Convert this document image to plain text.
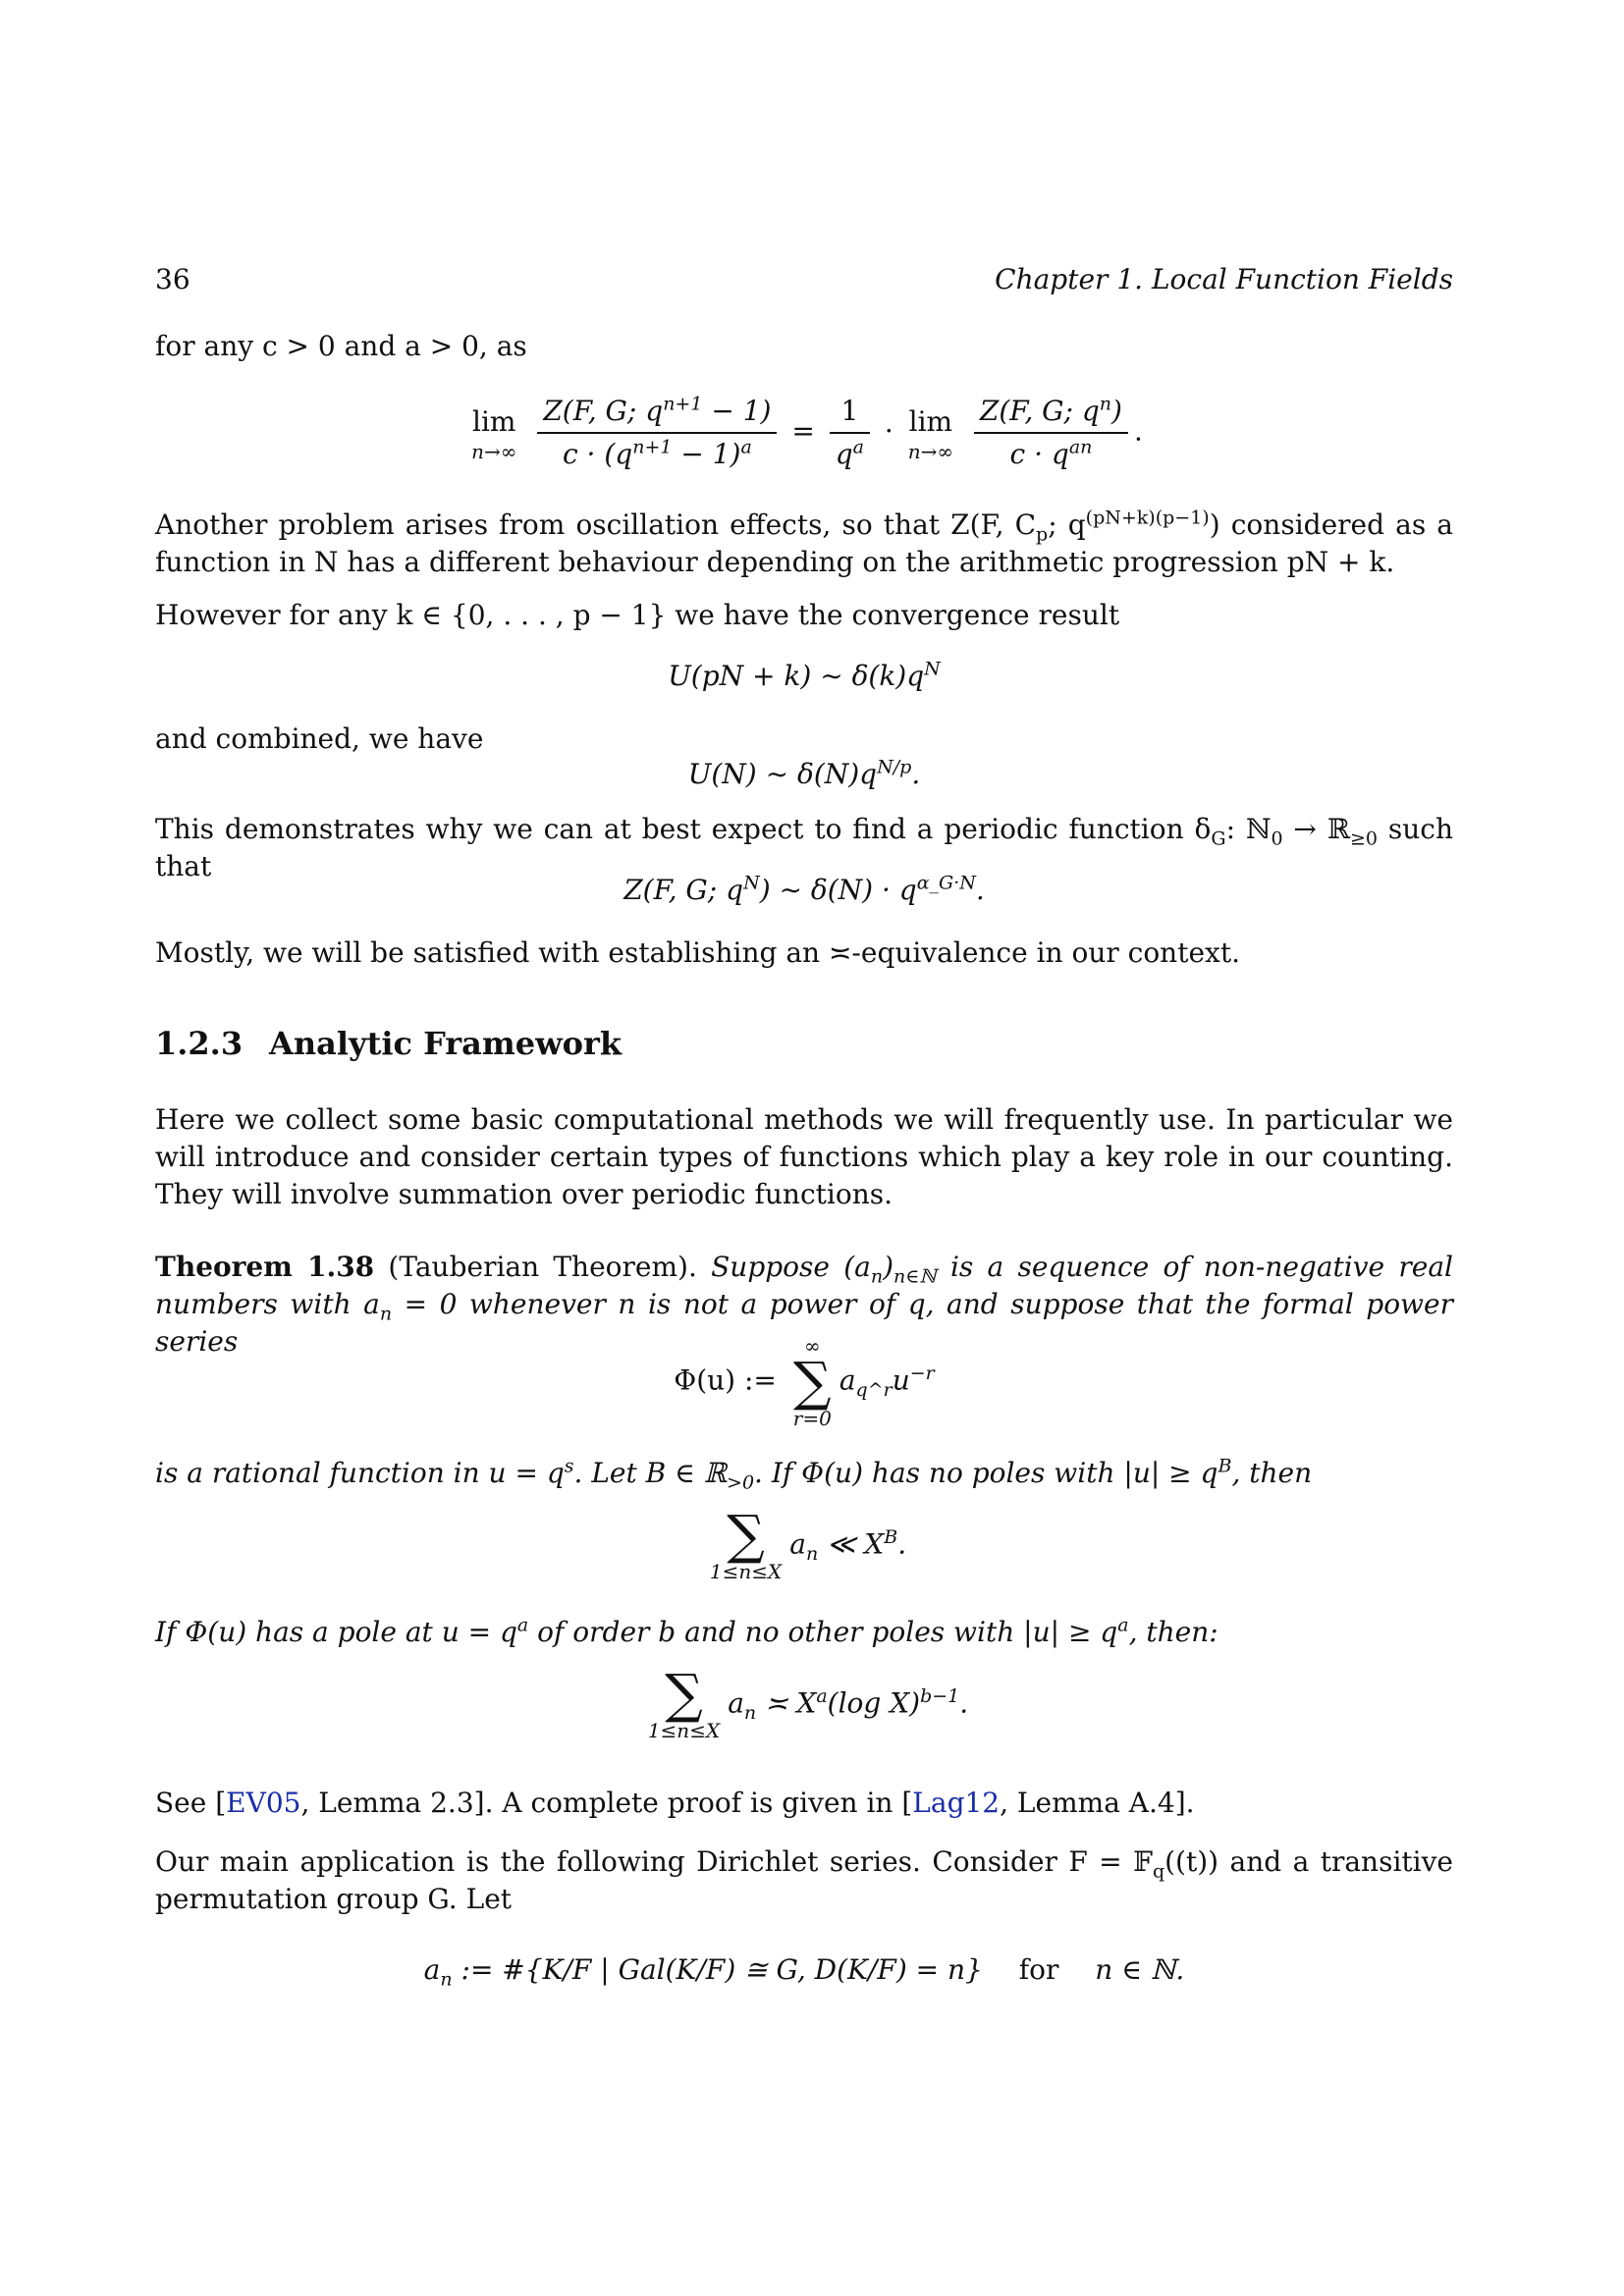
36	Chapter 1. Local Function Fields

for any c > 0 and a > 0, as

lim
n→∞
$\frac{Z(F, G; q^{n+1} - 1)}{c \cdot (q^{n+1} - 1)^a} = \frac{1}{q^a} \cdot \lim$
n→∞
$\frac{Z(F, G; q^n)}{c \cdot q^{an}}$ .

Another problem arises from oscillation effects, so that Z(F, $C_p$; $q^{(pN+k)(p-1)}$) considered as a function in N has a different behaviour depending on the arithmetic progression pN + k.

However for any k ∈ {0, . . . , p − 1} we have the convergence result

U(pN + k) ∼ $\delta(k)q^N$

and combined, we have

U(N) ∼ $\delta(N)q^{N/p}$.

This demonstrates why we can at best expect to find a periodic function $\delta_G$: ℕ$_0$ → ℝ$_{\ge 0}$ such that

Z(F, G; $q^N$) ∼ $\delta(N) \cdot q^{\alpha\_G\cdot N}$.

Mostly, we will be satisfied with establishing an ≍-equivalence in our context.

1.2.3 Analytic Framework

Here we collect some basic computational methods we will frequently use. In particular we will introduce and consider certain types of functions which play a key role in our counting. They will involve summation over periodic functions.

Theorem 1.38 (Tauberian Theorem). Suppose $(a_n)_{n\in ℕ}$ is a sequence of non-negative real numbers with $a_n = 0$ whenever n is not a power of q, and suppose that the formal power series

Φ(u) :=
∞
∑
r=0
$a_{q\^{}r}u^{-r}$

is a rational function in $u = q^s$. Let B ∈ ℝ$_{>0}$. If Φ(u) has no poles with $|u| \ge q^B$, then

∑
1≤n≤X
$a_n$ ≪ $X^B$.

If Φ(u) has a pole at $u = q^a$ of order b and no other poles with $|u| \ge q^a$, then:

∑
1≤n≤X
$a_n$ ≍ $X^a(\log$ X)$^{b-1}$.

See [EV05, Lemma 2.3]. A complete proof is given in [Lag12, Lemma A.4].

Our main application is the following Dirichlet series. Consider F = 𝔽$_q$((t)) and a transitive permutation group G. Let

$a_n$ := #{K/F | Gal(K/F) ≅ G, D(K/F) = n} for n ∈ ℕ.
